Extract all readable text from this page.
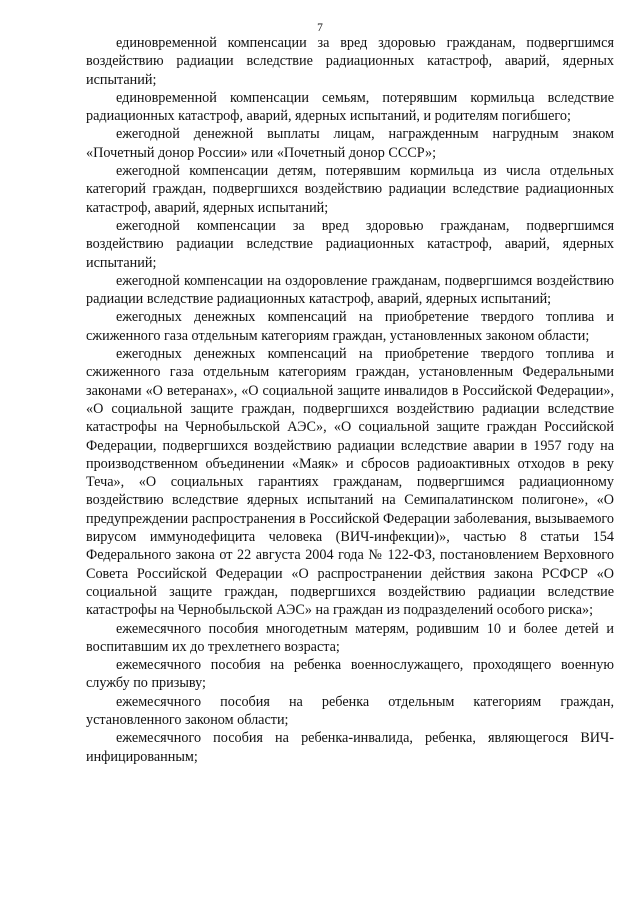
7

единовременной компенсации за вред здоровью гражданам, подвергшимся воздействию радиации вследствие радиационных катастроф, аварий, ядерных испытаний;

единовременной компенсации семьям, потерявшим кормильца вследствие радиационных катастроф, аварий, ядерных испытаний, и родителям погибшего;

ежегодной денежной выплаты лицам, награжденным нагрудным знаком «Почетный донор России» или «Почетный донор СССР»;

ежегодной компенсации детям, потерявшим кормильца из числа отдельных категорий граждан, подвергшихся воздействию радиации вследствие радиационных катастроф, аварий, ядерных испытаний;

ежегодной компенсации за вред здоровью гражданам, подвергшимся воздействию радиации вследствие радиационных катастроф, аварий, ядерных испытаний;

ежегодной компенсации на оздоровление гражданам, подвергшимся воздействию радиации вследствие радиационных катастроф, аварий, ядерных испытаний;

ежегодных денежных компенсаций на приобретение твердого топлива и сжиженного газа отдельным категориям граждан, установленных законом области;

ежегодных денежных компенсаций на приобретение твердого топлива и сжиженного газа отдельным категориям граждан, установленным Федеральными законами «О ветеранах», «О социальной защите инвалидов в Российской Федерации», «О социальной защите граждан, подвергшихся воздействию радиации вследствие катастрофы на Чернобыльской АЭС», «О социальной защите граждан Российской Федерации, подвергшихся воздействию радиации вследствие аварии в 1957 году на производственном объединении «Маяк» и сбросов радиоактивных отходов в реку Теча», «О социальных гарантиях гражданам, подвергшимся радиационному воздействию вследствие ядерных испытаний на Семипалатинском полигоне», «О предупреждении распространения в Российской Федерации заболевания, вызываемого вирусом иммунодефицита человека (ВИЧ-инфекции)», частью 8 статьи 154 Федерального закона от 22 августа 2004 года № 122-ФЗ, постановлением Верховного Совета Российской Федерации «О распространении действия закона РСФСР «О социальной защите граждан, подвергшихся воздействию радиации вследствие катастрофы на Чернобыльской АЭС» на граждан из подразделений особого риска»;

ежемесячного пособия многодетным матерям, родившим 10 и более детей и воспитавшим их до трехлетнего возраста;

ежемесячного пособия на ребенка военнослужащего, проходящего военную службу по призыву;

ежемесячного пособия на ребенка отдельным категориям граждан, установленного законом области;

ежемесячного пособия на ребенка-инвалида, ребенка, являющегося ВИЧ-инфицированным;
